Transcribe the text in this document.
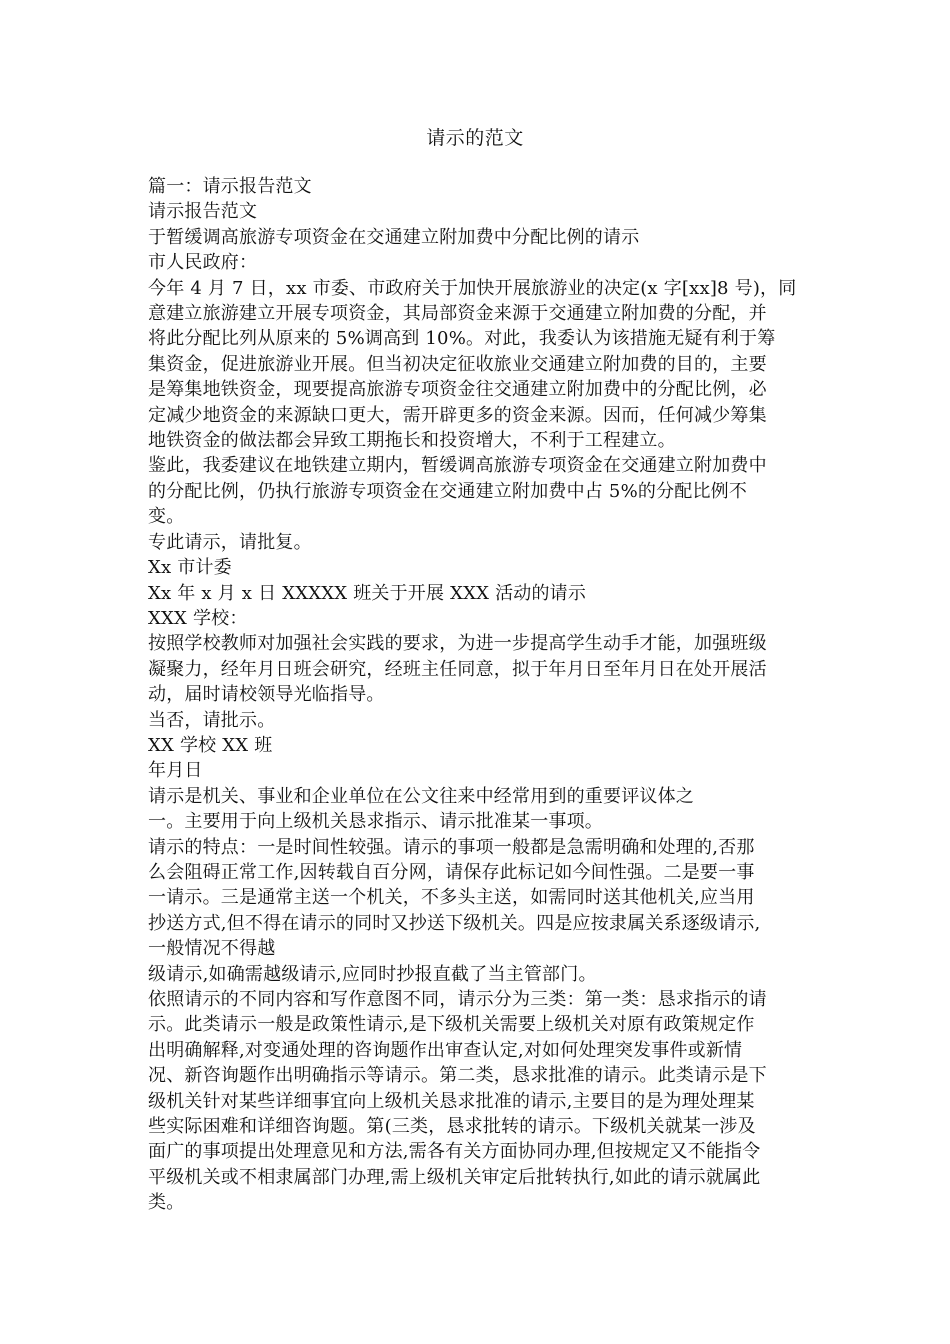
请示的范文
篇一：请示报告范文
请示报告范文
于暂缓调高旅游专项资金在交通建立附加费中分配比例的请示
市人民政府：
今年 4 月 7 日，xx 市委、市政府关于加快开展旅游业的决定(x 字[xx]8 号)，同
意建立旅游建立开展专项资金，其局部资金来源于交通建立附加费的分配，并
将此分配比列从原来的 5%调高到 10%。对此，我委认为该措施无疑有利于筹
集资金，促进旅游业开展。但当初决定征收旅业交通建立附加费的目的，主要
是筹集地铁资金，现要提高旅游专项资金往交通建立附加费中的分配比例，必
定减少地资金的来源缺口更大，需开辟更多的资金来源。因而，任何减少筹集
地铁资金的做法都会异致工期拖长和投资增大，不利于工程建立。
鉴此，我委建议在地铁建立期内，暂缓调高旅游专项资金在交通建立附加费中
的分配比例，仍执行旅游专项资金在交通建立附加费中占 5%的分配比例不
变。
专此请示，请批复。
Xx 市计委
Xx 年 x 月 x 日 XXXXX 班关于开展 XXX 活动的请示
XXX 学校：
按照学校教师对加强社会实践的要求，为进一步提高学生动手才能，加强班级
凝聚力，经年月日班会研究，经班主任同意，拟于年月日至年月日在处开展活
动，届时请校领导光临指导。
当否，请批示。
XX 学校 XX 班
年月日
请示是机关、事业和企业单位在公文往来中经常用到的重要评议体之
一。主要用于向上级机关恳求指示、请示批准某一事项。
请示的特点：一是时间性较强。请示的事项一般都是急需明确和处理的,否那
么会阻碍正常工作,因转载自百分网，请保存此标记如今间性强。二是要一事
一请示。三是通常主送一个机关，不多头主送，如需同时送其他机关,应当用
抄送方式,但不得在请示的同时又抄送下级机关。四是应按隶属关系逐级请示,
一般情况不得越
级请示,如确需越级请示,应同时抄报直截了当主管部门。
依照请示的不同内容和写作意图不同，请示分为三类：第一类：恳求指示的请
示。此类请示一般是政策性请示,是下级机关需要上级机关对原有政策规定作
出明确解释,对变通处理的咨询题作出审查认定,对如何处理突发事件或新情
况、新咨询题作出明确指示等请示。第二类，恳求批准的请示。此类请示是下
级机关针对某些详细事宜向上级机关恳求批准的请示,主要目的是为理处理某
些实际困难和详细咨询题。第(三类，恳求批转的请示。下级机关就某一涉及
面广的事项提出处理意见和方法,需各有关方面协同办理,但按规定又不能指令
平级机关或不相隶属部门办理,需上级机关审定后批转执行,如此的请示就属此
类。
